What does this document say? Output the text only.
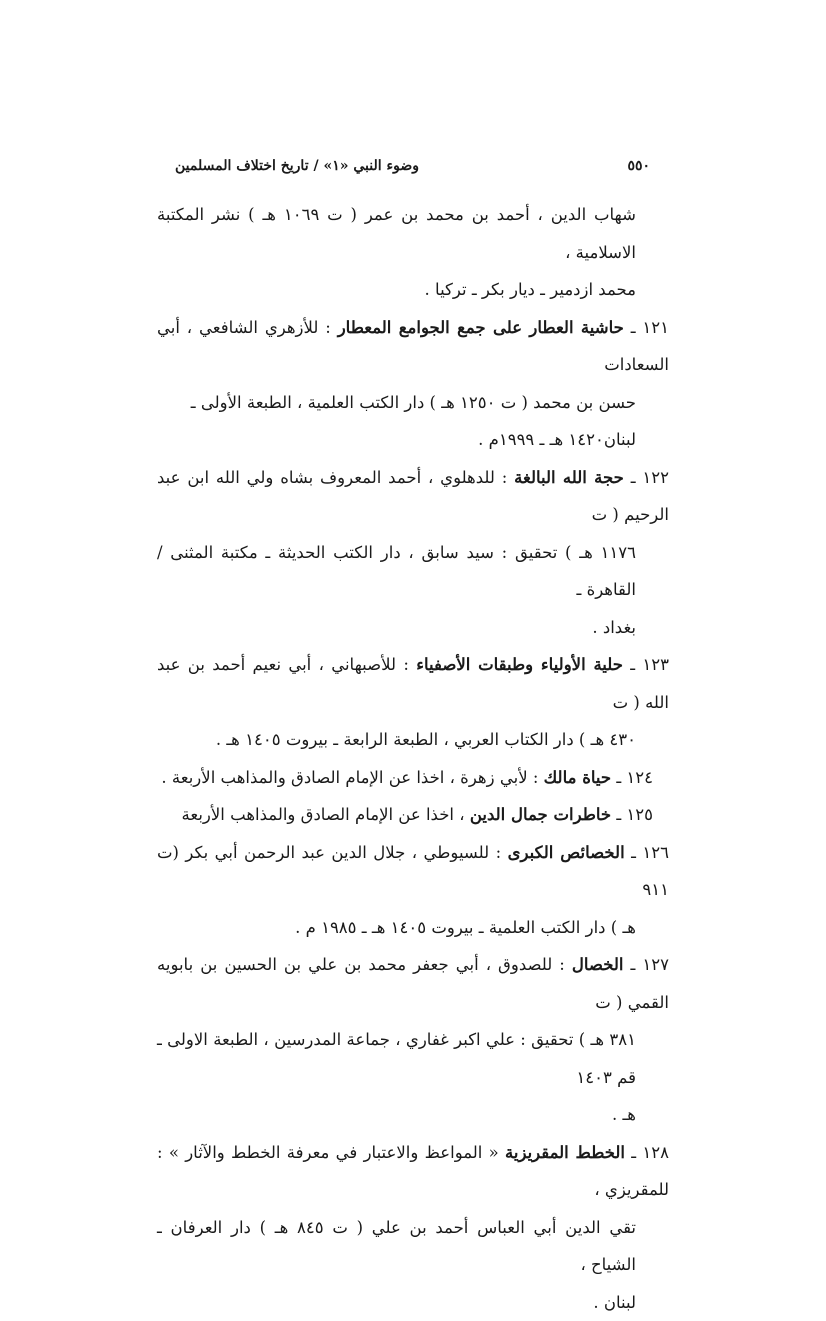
٥٥٠
وضوء النبي «١» / تاريخ اختلاف المسلمين

شهاب الدين ، أحمد بن محمد بن عمر ( ت ١٠٦٩ هـ ) نشر المكتبة الاسلامية ،
محمد ازدمير ـ ديار بكر ـ تركيا .

١٢١ ـ حاشية العطار على جمع الجوامع المعطار : للأزهري الشافعي ، أبي السعادات
حسن بن محمد ( ت ١٢٥٠ هـ ) دار الكتب العلمية ، الطبعة الأولى ـ
لبنان١٤٢٠ هـ ـ ١٩٩٩م .

١٢٢ ـ حجة الله البالغة : للدهلوي ، أحمد المعروف بشاه ولي الله ابن عبد الرحيم ( ت
١١٧٦ هـ ) تحقيق : سيد سابق ، دار الكتب الحديثة ـ مكتبة المثنى / القاهرة ـ
بغداد .

١٢٣ ـ حلية الأولياء وطبقات الأصفياء : للأصبهاني ، أبي نعيم أحمد بن عبد الله ( ت
٤٣٠ هـ ) دار الكتاب العربي ، الطبعة الرابعة ـ بيروت ١٤٠٥ هـ .

١٢٤ ـ حياة مالك : لأبي زهرة ، اخذا عن الإمام الصادق والمذاهب الأربعة .

١٢٥ ـ خاطرات جمال الدين ، اخذا عن الإمام الصادق والمذاهب الأربعة

١٢٦ ـ الخصائص الكبرى : للسيوطي ، جلال الدين عبد الرحمن أبي بكر (ت ٩١١
هـ ) دار الكتب العلمية ـ بيروت ١٤٠٥ هـ ـ ١٩٨٥ م .

١٢٧ ـ الخصال : للصدوق ، أبي جعفر محمد بن علي بن الحسين بن بابويه القمي ( ت
٣٨١ هـ ) تحقيق : علي اكبر غفاري ، جماعة المدرسين ، الطبعة الاولى ـ قم ١٤٠٣
هـ .

١٢٨ ـ الخطط المقريزية « المواعظ والاعتبار في معرفة الخطط والآثار » : للمقريزي ،
تقي الدين أبي العباس أحمد بن علي ( ت ٨٤٥ هـ ) دار العرفان ـ الشياح ،
لبنان .
